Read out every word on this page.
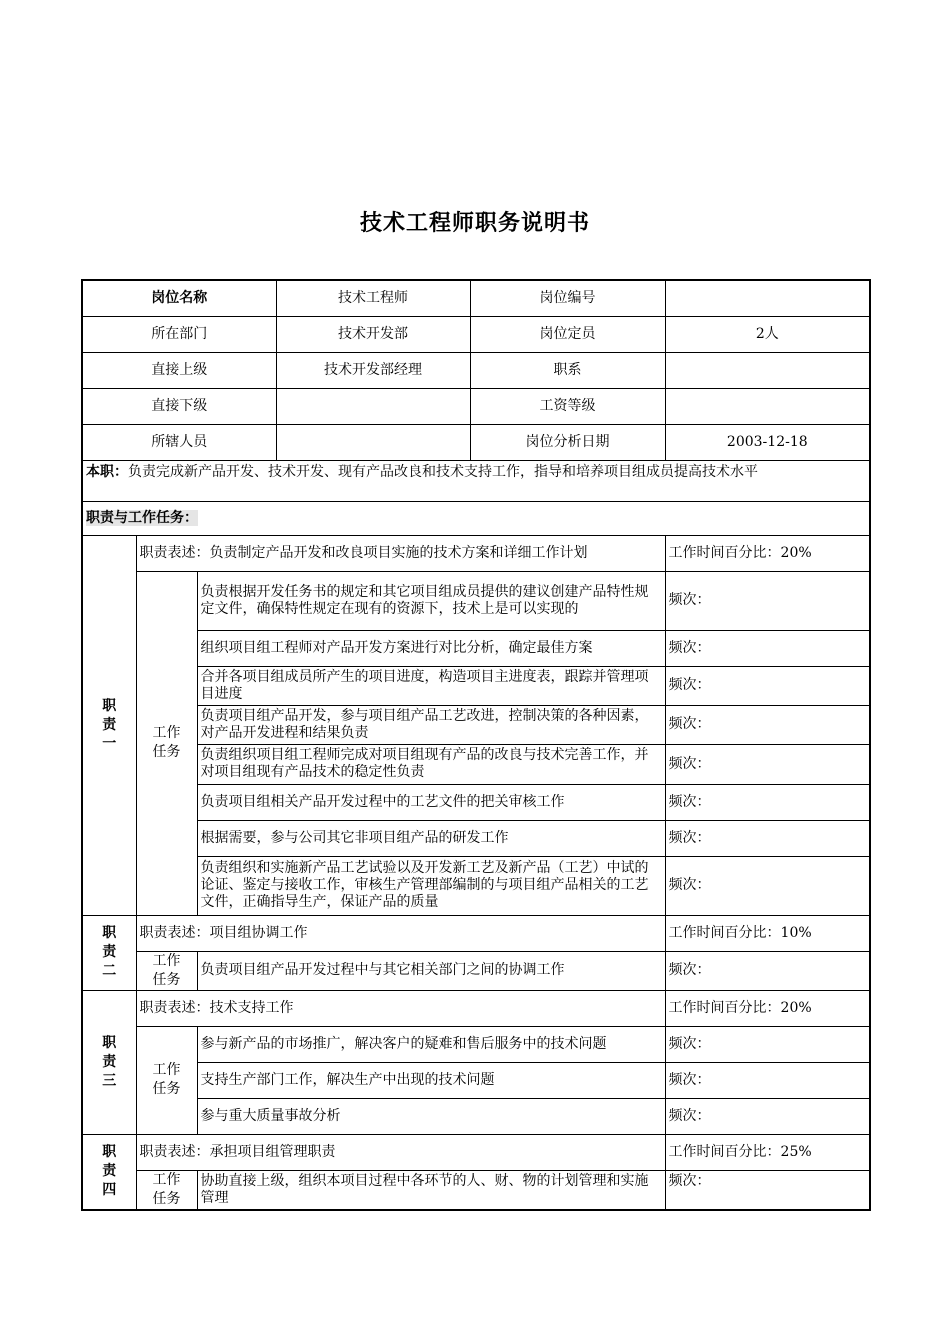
技术工程师职务说明书
岗位名称			技术工程师	岗位编号	
所在部门			技术开发部	岗位定员	2人
直接上级			技术开发部经理	职系	
直接下级				工资等级	
所辖人员				岗位分析日期	2003-12-18
本职：负责完成新产品开发、技术开发、现有产品改良和技术支持工作，指导和培养项目组成员提高技术水平					
职责与工作任务：					

职
责
一	职责表述：负责制定产品开发和改良项目实施的技术方案和详细工作计划				工作时间百分比：20%

	工作
任务	负责根据开发任务书的规定和其它项目组成员提供的建议创建产品特性规定文件，确保特性规定在现有的资源下，技术上是可以实现的			频次：
		组织项目组工程师对产品开发方案进行对比分析，确定最佳方案			频次：
		合并各项目组成员所产生的项目进度，构造项目主进度表，跟踪并管理项目进度			频次：
		负责项目组产品开发，参与项目组产品工艺改进，控制决策的各种因素，对产品开发进程和结果负责			频次：
		负责组织项目组工程师完成对项目组现有产品的改良与技术完善工作，并对项目组现有产品技术的稳定性负责			频次：
		负责项目组相关产品开发过程中的工艺文件的把关审核工作			频次：
		根据需要，参与公司其它非项目组产品的研发工作			频次：
		负责组织和实施新产品工艺试验以及开发新工艺及新产品（工艺）中试的论证、鉴定与接收工作，审核生产管理部编制的与项目组产品相关的工艺文件，正确指导生产，保证产品的质量			频次：

职
责
二	职责表述：项目组协调工作				工作时间百分比：10%

	工作
任务	负责项目组产品开发过程中与其它相关部门之间的协调工作			频次：

职
责
三	职责表述：技术支持工作				工作时间百分比：20%

	工作
任务	参与新产品的市场推广，解决客户的疑难和售后服务中的技术问题			频次：
		支持生产部门工作，解决生产中出现的技术问题			频次：
		参与重大质量事故分析			频次：

职
责
四	职责表述：承担项目组管理职责				工作时间百分比：25%

	工作
任务	协助直接上级，组织本项目过程中各环节的人、财、物的计划管理和实施管理			频次：
